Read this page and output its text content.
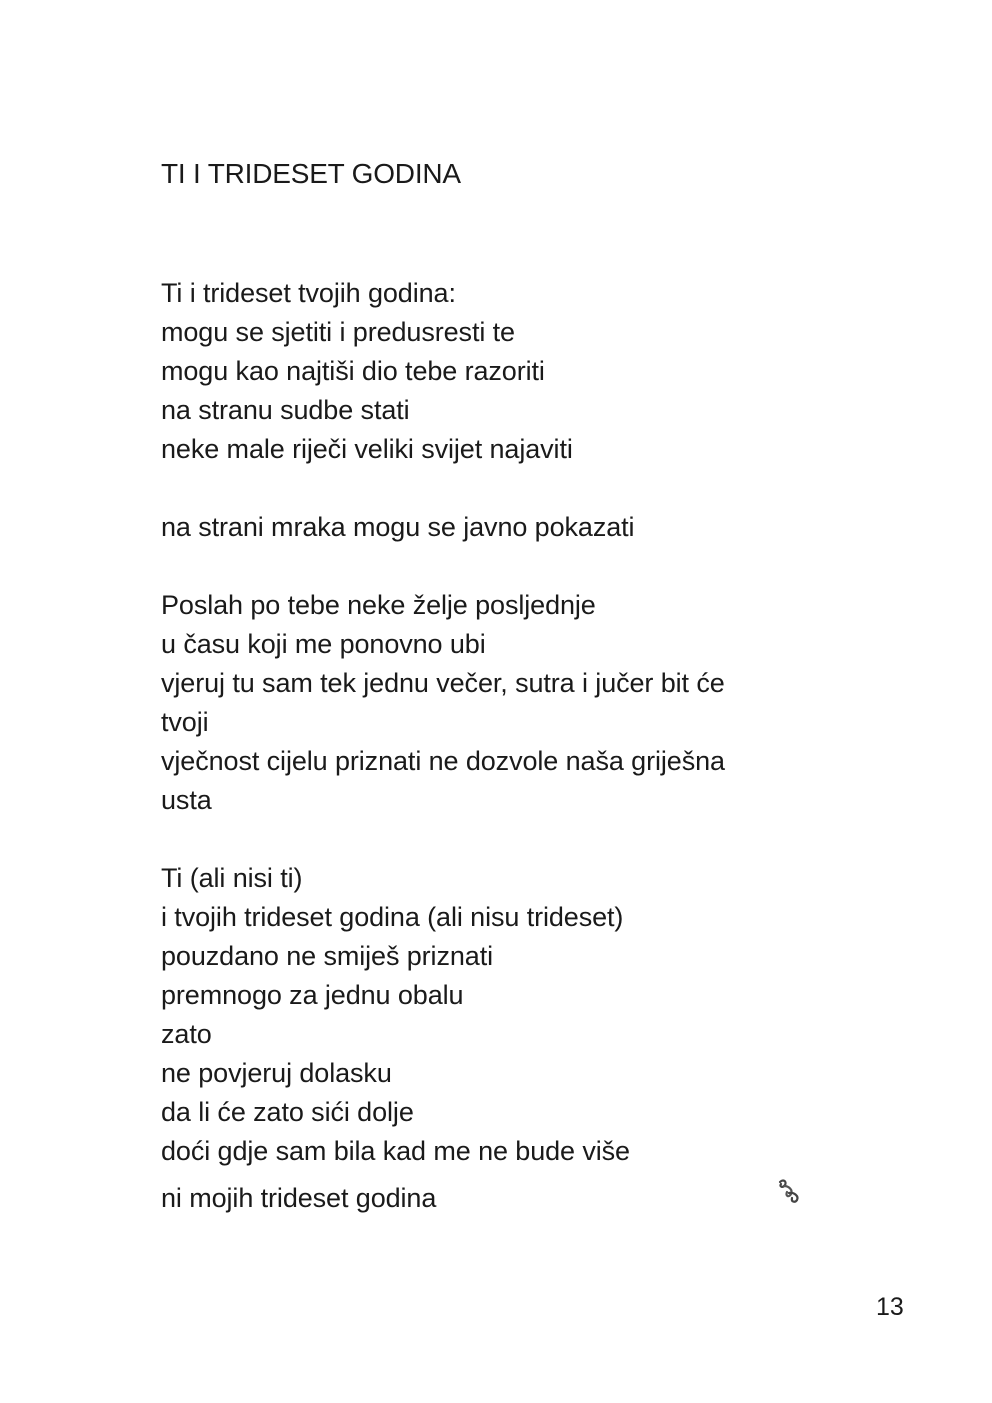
TI I TRIDESET GODINA
Ti i trideset tvojih godina:
mogu se sjetiti i predusresti te
mogu kao najtiši dio tebe razoriti
na stranu sudbe stati
neke male riječi veliki svijet najaviti
na strani mraka mogu se javno pokazati
Poslah po tebe neke želje posljednje
u času koji me ponovno ubi
vjeruj tu sam tek jednu večer, sutra i jučer bit će
tvoji
vječnost cijelu priznati ne dozvole naša griješna
usta
Ti (ali nisi ti)
i tvojih trideset godina (ali nisu trideset)
pouzdano ne smiješ priznati
premnogo za jednu obalu
zato
ne povjeruj dolasku
da li će zato sići dolje
doći gdje sam bila kad me ne bude više
ni mojih trideset godina
13
